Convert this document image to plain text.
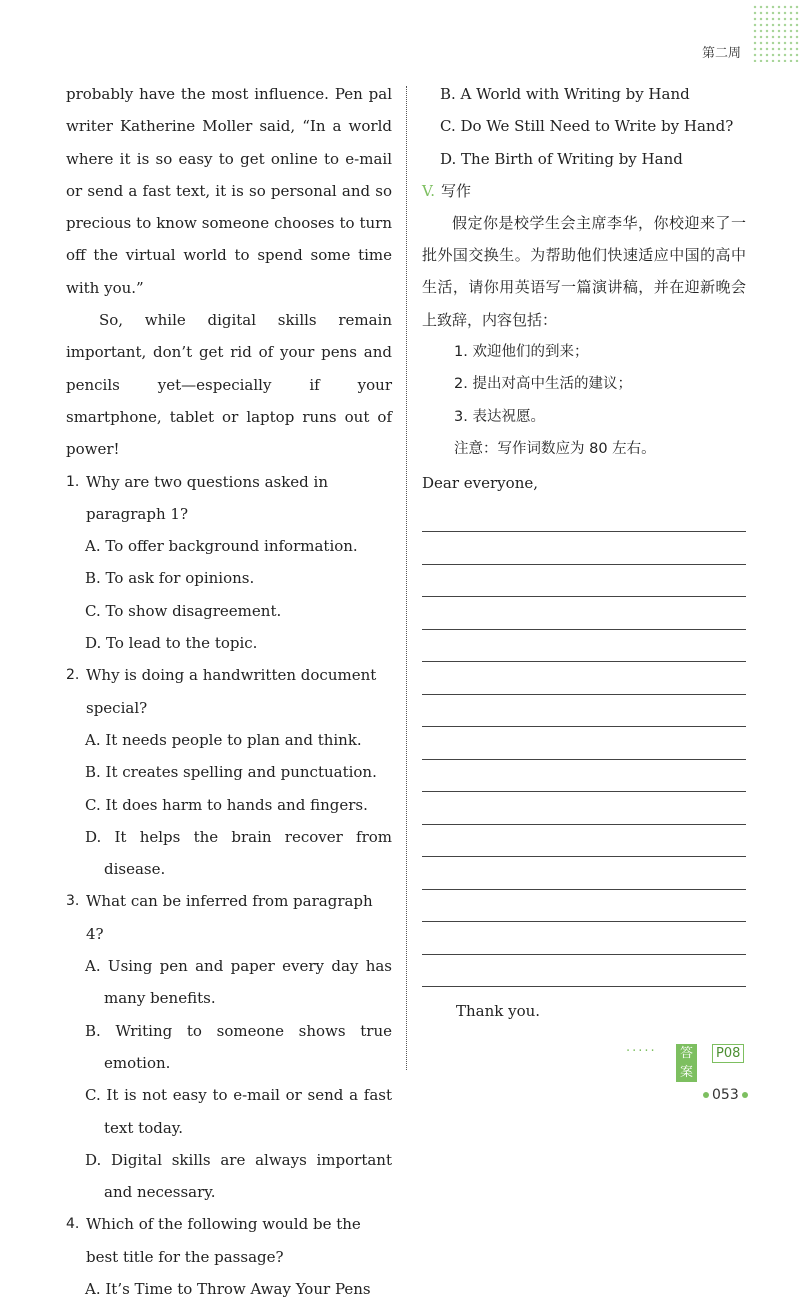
第二周

probably have the most influence. Pen pal writer Katherine Moller said, “In a world where it is so easy to get online to e-mail or send a fast text, it is so personal and so precious to know someone chooses to turn off the virtual world to spend some time with you.”

So, while digital skills remain important, don’t get rid of your pens and pencils yet—especially if your smartphone, tablet or laptop runs out of power!

1. Why are two questions asked in paragraph 1?

A. To offer background information.

B. To ask for opinions.

C. To show disagreement.

D. To lead to the topic.

2. Why is doing a handwritten document special?

A. It needs people to plan and think.

B. It creates spelling and punctuation.

C. It does harm to hands and fingers.

D. It helps the brain recover from disease.

3. What can be inferred from paragraph 4?

A. Using pen and paper every day has many benefits.

B. Writing to someone shows true emotion.

C. It is not easy to e-mail or send a fast text today.

D. Digital skills are always important and necessary.

4. Which of the following would be the best title for the passage?

A. It’s Time to Throw Away Your Pens

B. A World with Writing by Hand

C. Do We Still Need to Write by Hand?

D. The Birth of Writing by Hand

V. 写作

假定你是校学生会主席李华，你校迎来了一批外国交换生。为帮助他们快速适应中国的高中生活，请你用英语写一篇演讲稿，并在迎新晚会上致辞，内容包括：

1. 欢迎他们的到来；

2. 提出对高中生活的建议；

3. 表达祝愿。

注意：写作词数应为 80 左右。

Dear everyone,

Thank you.

·····	答案
P08
053
